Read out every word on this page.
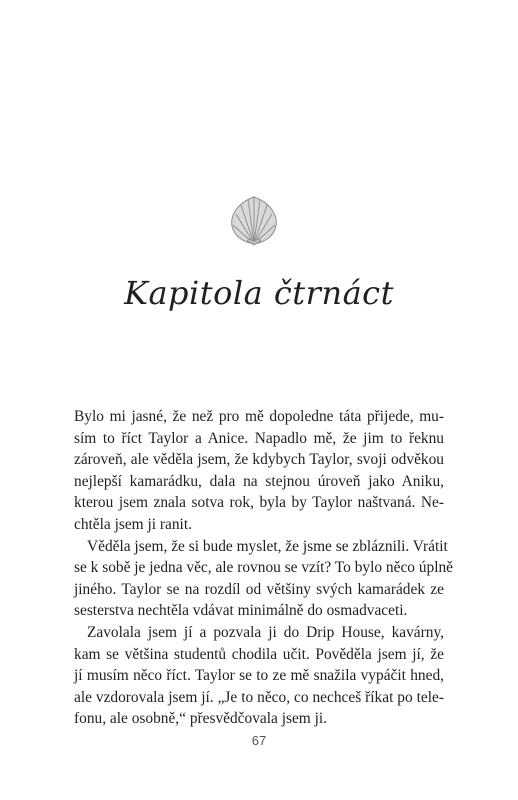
Kapitola čtrnáct

Bylo mi jasné, že než pro mě dopoledne táta přijede, mu-
sím to říct Taylor a Anice. Napadlo mě, že jim to řeknu
zároveň, ale věděla jsem, že kdybych Taylor, svoji odvěkou
nejlepší kamarádku, dala na stejnou úroveň jako Aniku,
kterou jsem znala sotva rok, byla by Taylor naštvaná. Ne-
chtěla jsem ji ranit.

Věděla jsem, že si bude myslet, že jsme se zbláznili. Vrátit
se k sobě je jedna věc, ale rovnou se vzít? To bylo něco úplně
jiného. Taylor se na rozdíl od většiny svých kamarádek ze
sesterstva nechtěla vdávat minimálně do osmadvaceti.

Zavolala jsem jí a pozvala ji do Drip House, kavárny,
kam se většina studentů chodila učit. Pověděla jsem jí, že
jí musím něco říct. Taylor se to ze mě snažila vypáčit hned,
ale vzdorovala jsem jí. „Je to něco, co nechceš říkat po tele-
fonu, ale osobně,“ přesvědčovala jsem ji.

67
